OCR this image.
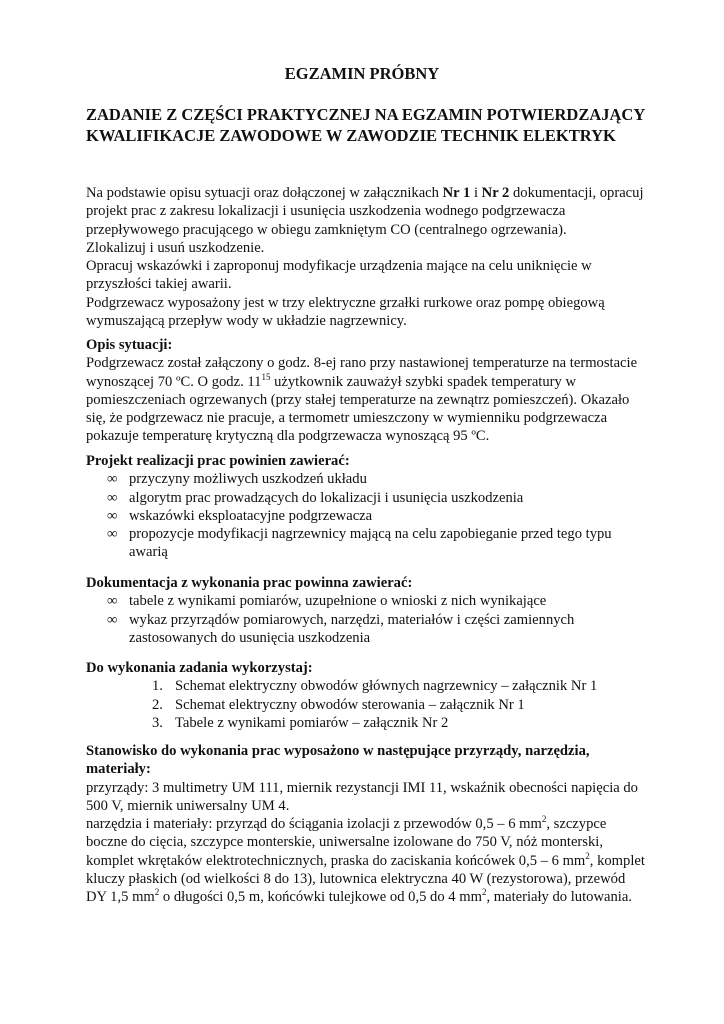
EGZAMIN PRÓBNY
ZADANIE Z CZĘŚCI PRAKTYCZNEJ NA EGZAMIN POTWIERDZAJĄCY KWALIFIKACJE ZAWODOWE W ZAWODZIE TECHNIK ELEKTRYK

Na podstawie opisu sytuacji oraz dołączonej w załącznikach Nr 1 i Nr 2 dokumentacji, opracuj projekt prac z zakresu lokalizacji i usunięcia uszkodzenia wodnego podgrzewacza przepływowego pracującego w obiegu zamkniętym CO (centralnego ogrzewania).

Zlokalizuj i usuń uszkodzenie.

Opracuj wskazówki i zaproponuj modyfikacje urządzenia mające na celu uniknięcie w przyszłości takiej awarii.

Podgrzewacz wyposażony jest w trzy elektryczne grzałki rurkowe oraz pompę obiegową wymuszającą przepływ wody w układzie nagrzewnicy.

Opis sytuacji:

Podgrzewacz został załączony o godz. 8-ej rano przy nastawionej temperaturze na termostacie wynoszącej 70 ºC. O godz. $11^{15}$ użytkownik zauważył szybki spadek temperatury w pomieszczeniach ogrzewanych (przy stałej temperaturze na zewnątrz pomieszczeń). Okazało się, że podgrzewacz nie pracuje, a termometr umieszczony w wymienniku podgrzewacza pokazuje temperaturę krytyczną dla podgrzewacza wynoszącą 95 ºC.

Projekt realizacji prac powinien zawierać:

∞ przyczyny możliwych uszkodzeń układu
∞ algorytm prac prowadzących do lokalizacji i usunięcia uszkodzenia
∞ wskazówki eksploatacyjne podgrzewacza
∞ propozycje modyfikacji nagrzewnicy mającą na celu zapobieganie przed tego typu awarią

Dokumentacja z wykonania prac powinna zawierać:

∞ tabele z wynikami pomiarów, uzupełnione o wnioski z nich wynikające
∞ wykaz przyrządów pomiarowych, narzędzi, materiałów i części zamiennych zastosowanych do usunięcia uszkodzenia

Do wykonania zadania wykorzystaj:

1. Schemat elektryczny obwodów głównych nagrzewnicy – załącznik Nr 1
2. Schemat elektryczny obwodów sterowania – załącznik Nr 1
3. Tabele z wynikami pomiarów – załącznik Nr 2

Stanowisko do wykonania prac wyposażono w następujące przyrządy, narzędzia, materiały:

przyrządy: 3 multimetry UM 111, miernik rezystancji IMI 11, wskaźnik obecności napięcia do 500 V, miernik uniwersalny UM 4.

narzędzia i materiały: przyrząd do ściągania izolacji z przewodów 0,5 – 6 $mm^2$, szczypce boczne do cięcia, szczypce monterskie, uniwersalne izolowane do 750 V, nóż monterski, komplet wkrętaków elektrotechnicznych, praska do zaciskania końcówek 0,5 – 6 $mm^2$, komplet kluczy płaskich (od wielkości 8 do 13), lutownica elektryczna 40 W (rezystorowa), przewód DY 1,5 $mm^2$ o długości 0,5 m, końcówki tulejkowe od 0,5 do 4 $mm^2$, materiały do lutowania.
